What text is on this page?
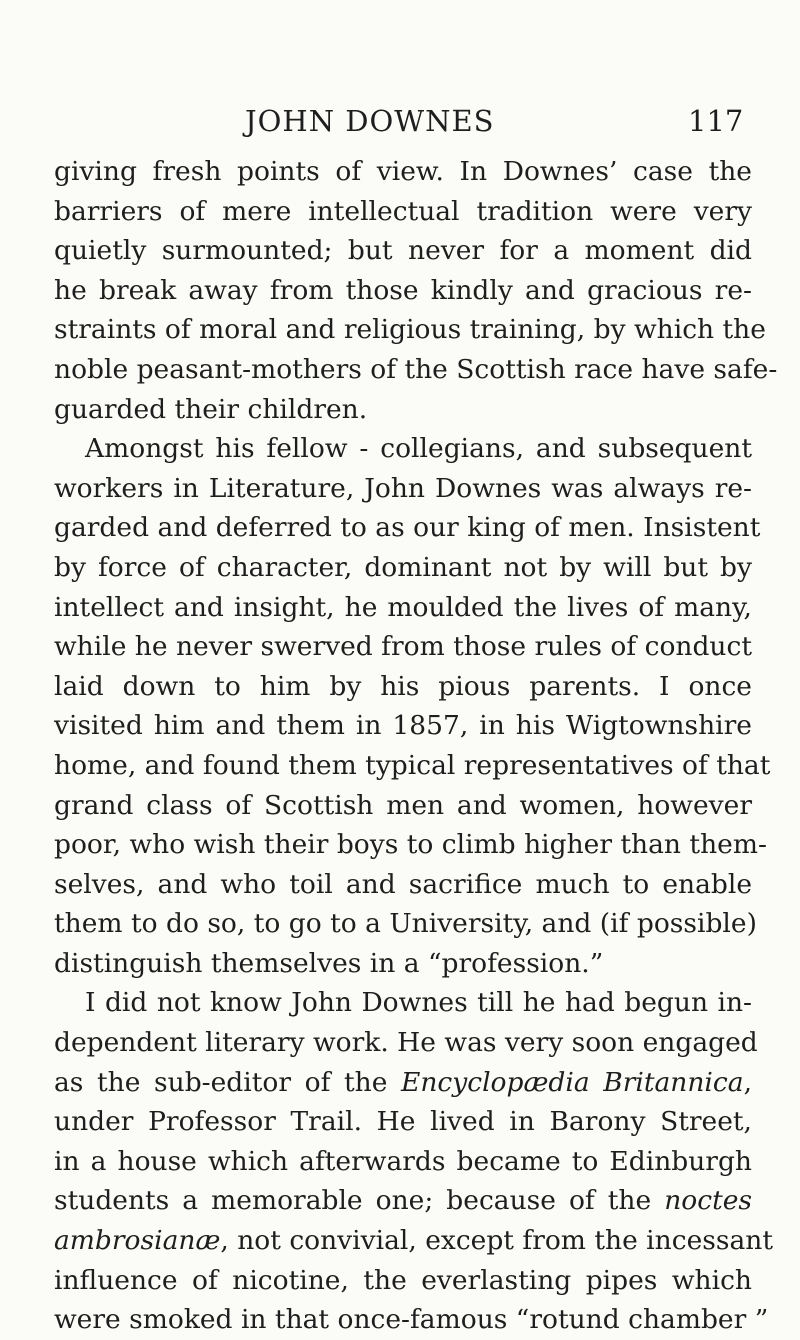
JOHN DOWNES	117
giving fresh points of view. In Downes’ case the
barriers of mere intellectual tradition were very
quietly surmounted; but never for a moment did
he break away from those kindly and gracious re-
straints of moral and religious training, by which the
noble peasant-mothers of the Scottish race have safe-
guarded their children.
Amongst his fellow - collegians, and subsequent
workers in Literature, John Downes was always re-
garded and deferred to as our king of men. Insistent
by force of character, dominant not by will but by
intellect and insight, he moulded the lives of many,
while he never swerved from those rules of conduct
laid down to him by his pious parents. I once
visited him and them in 1857, in his Wigtownshire
home, and found them typical representatives of that
grand class of Scottish men and women, however
poor, who wish their boys to climb higher than them-
selves, and who toil and sacrifice much to enable
them to do so, to go to a University, and (if possible)
distinguish themselves in a “profession.”
I did not know John Downes till he had begun in-
dependent literary work. He was very soon engaged
as the sub-editor of the Encyclopædia Britannica,
under Professor Trail. He lived in Barony Street,
in a house which afterwards became to Edinburgh
students a memorable one; because of the noctes
ambrosianæ, not convivial, except from the incessant
influence of nicotine, the everlasting pipes which
were smoked in that once-famous “rotund chamber ”
